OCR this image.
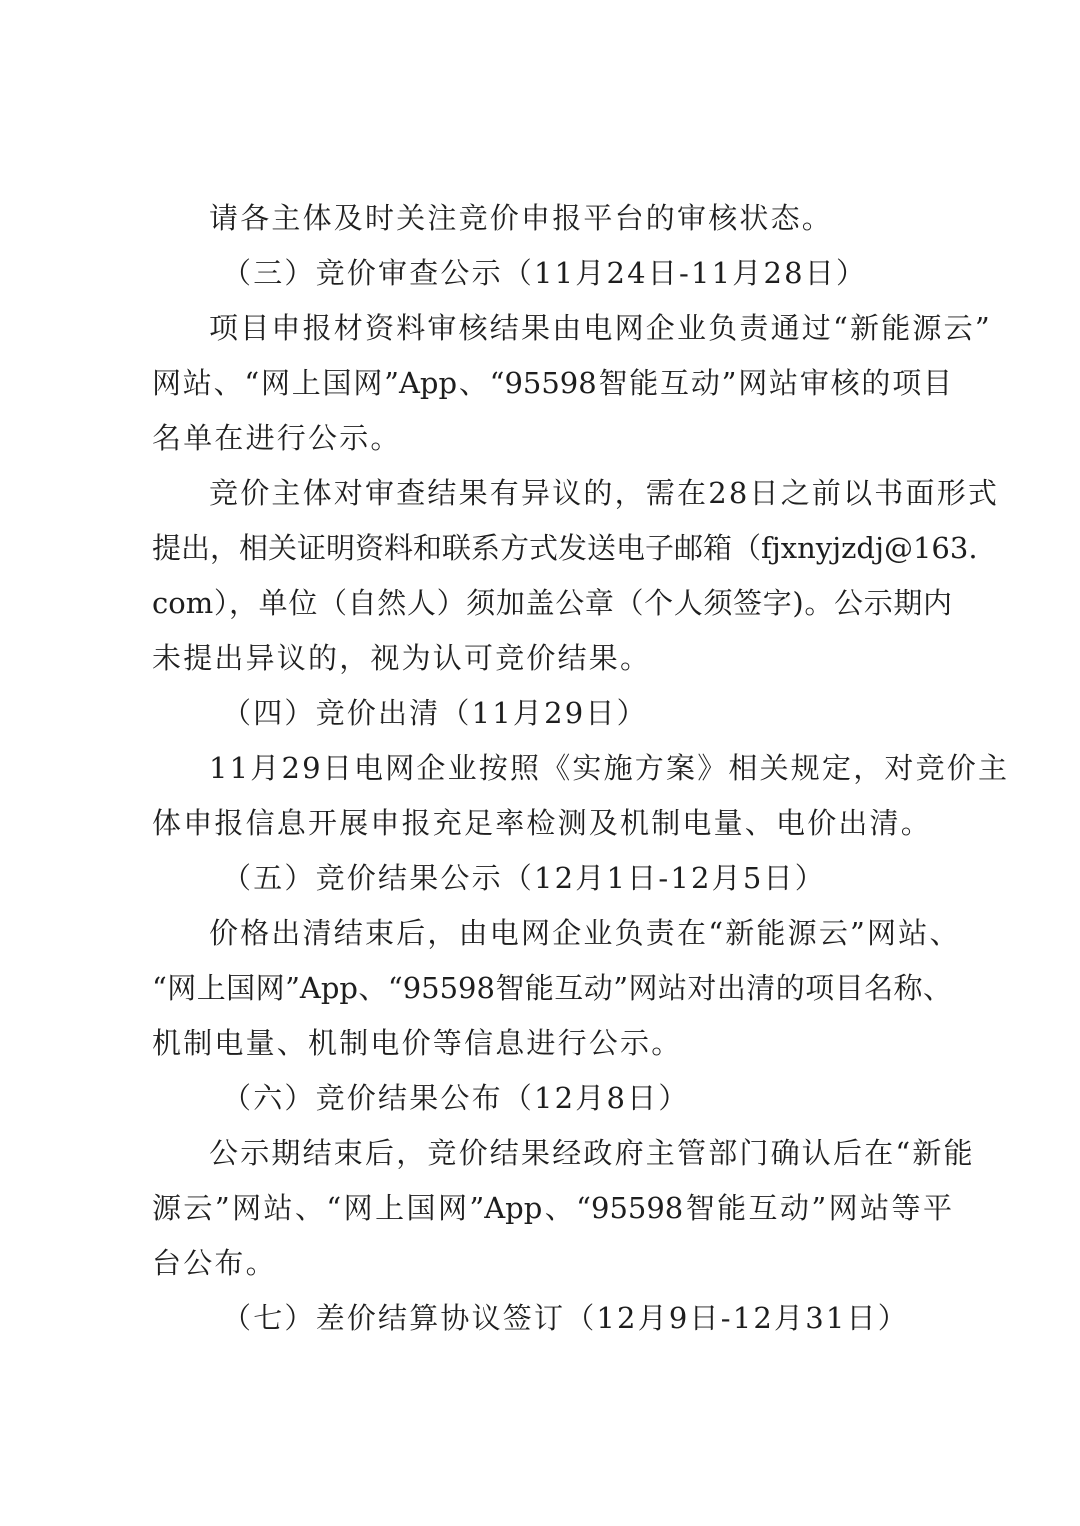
请各主体及时关注竞价申报平台的审核状态。
（三）竞价审查公示（11月24日-11月28日）
项目申报材资料审核结果由电网企业负责通过“新能源云”
网站、“网上国网”App、“95598智能互动”网站审核的项目
名单在进行公示。
竞价主体对审查结果有异议的，需在28日之前以书面形式
提出，相关证明资料和联系方式发送电子邮箱（fjxnyjzdj@163.
com），单位（自然人）须加盖公章（个人须签字)。公示期内
未提出异议的，视为认可竞价结果。
（四）竞价出清（11月29日）
11月29日电网企业按照《实施方案》相关规定，对竞价主
体申报信息开展申报充足率检测及机制电量、电价出清。
（五）竞价结果公示（12月1日-12月5日）
价格出清结束后，由电网企业负责在“新能源云”网站、
“网上国网”App、“95598智能互动”网站对出清的项目名称、
机制电量、机制电价等信息进行公示。
（六）竞价结果公布（12月8日）
公示期结束后，竞价结果经政府主管部门确认后在“新能
源云”网站、“网上国网”App、“95598智能互动”网站等平
台公布。
（七）差价结算协议签订（12月9日-12月31日）
